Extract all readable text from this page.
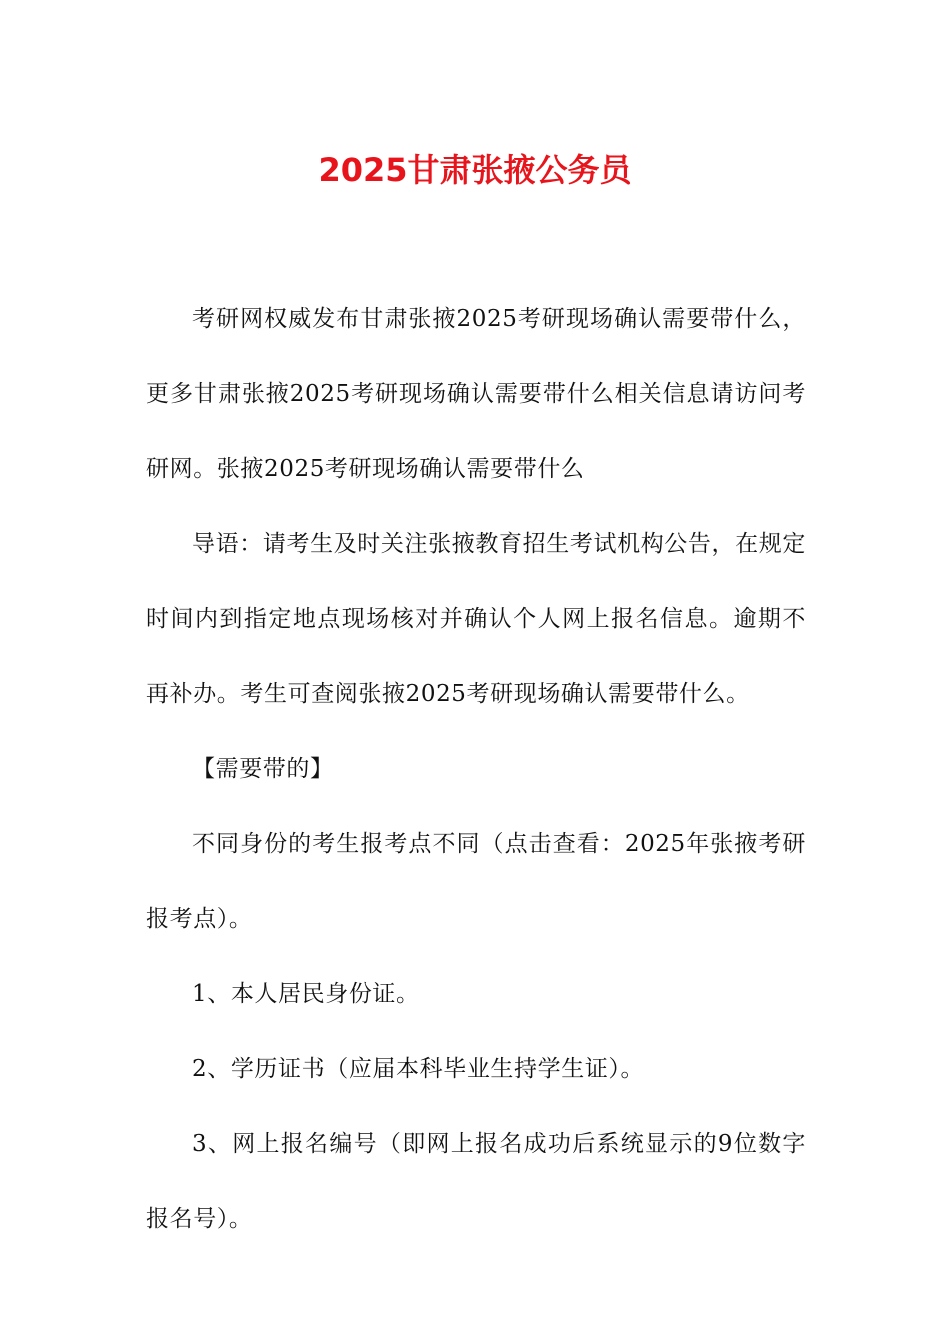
2025甘肃张掖公务员

考研网权威发布甘肃张掖2025考研现场确认需要带什么，更多甘肃张掖2025考研现场确认需要带什么相关信息请访问考研网。张掖2025考研现场确认需要带什么

导语：请考生及时关注张掖教育招生考试机构公告，在规定时间内到指定地点现场核对并确认个人网上报名信息。逾期不再补办。考生可查阅张掖2025考研现场确认需要带什么。

【需要带的】

不同身份的考生报考点不同（点击查看：2025年张掖考研报考点）。

1、本人居民身份证。

2、学历证书（应届本科毕业生持学生证）。

3、网上报名编号（即网上报名成功后系统显示的9位数字报名号）。
